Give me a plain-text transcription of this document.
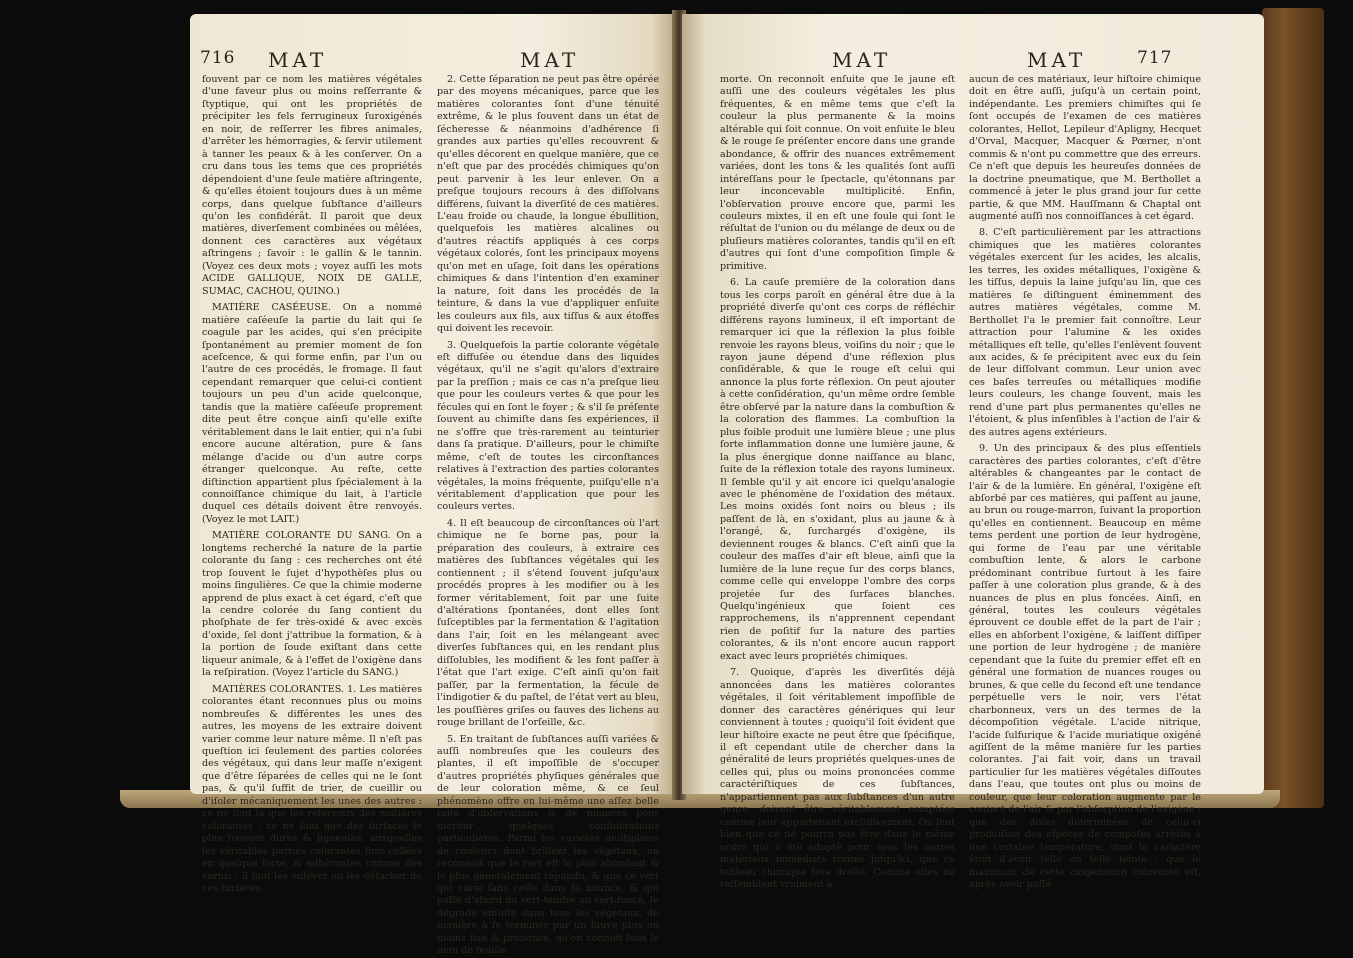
716 MAT	MAT

fouvent par ce nom les matières végétales d'une faveur plus ou moins reſſerrante & ſtyptique, qui ont les propriétés de précipiter les fels ferrugineux ſuroxigénés en noir, de reſſerrer les fibres animales, d'arrêter les hémorragies, & ſervir utilement à tanner les peaux & à les conſerver. On a cru dans tous les tems que ces propriétés dépendoient d'une ſeule matière aſtringente, & qu'elles étoient toujours dues à un même corps, dans quelque ſubſtance d'ailleurs qu'on les confidérât. Il paroit que deux matières, diverſement combinées ou mêlées, donnent ces caractères aux végétaux aſtringens ; ſavoir : le gallin & le tannin. (Voyez ces deux mots ; voyez auſſi les mots ACIDE GALLIQUE, NOIX DE GALLE, SUMAC, CACHOU, QUINO.)

MATIÈRE CASÉEUSE. On a nommé matière caſéeuſe la partie du lait qui ſe coagule par les acides, qui s'en précipite ſpontanément au premier moment de ſon aceſcence, & qui forme enfin, par l'un ou l'autre de ces procédés, le fromage. Il faut cependant remarquer que celui-ci contient toujours un peu d'un acide quelconque, tandis que la matière caſéeuſe proprement dite peut être conçue ainſi qu'elle exiſte véritablement dans le lait entier, qui n'a ſubi encore aucune altération, pure & ſans mélange d'acide ou d'un autre corps étranger quelconque. Au reſte, cette diſtinction appartient plus ſpécialement à la connoiſſance chimique du lait, à l'article duquel ces détails doivent être renvoyés. (Voyez le mot LAIT.)

MATIÈRE COLORANTE DU SANG. On a longtems recherché la nature de la partie colorante du ſang : ces recherches ont été trop ſouvent le ſujet d'hypothèſes plus ou moins ſingulières. Ce que la chimie moderne apprend de plus exact à cet égard, c'eſt que la cendre colorée du ſang contient du phoſphate de fer très-oxidé & avec excès d'oxide, ſel dont j'attribue la formation, & à la portion de ſoude exiſtant dans cette liqueur animale, & à l'effet de l'oxigène dans la reſpiration. (Voyez l'article du SANG.)

MATIÈRES COLORANTES. 1. Les matières colorantes étant reconnues plus ou moins nombreuſes & différentes les unes des autres, les moyens de les extraire doivent varier comme leur nature même. Il n'eſt pas queſtion ici ſeulement des parties colorées des végétaux, qui dans leur maſſe n'exigent que d'être ſéparées de celles qui ne le ſont pas, & qu'il ſuffit de trier, de cueillir ou d'iſoler mécaniquement les unes des autres : ce ne ſont là que les réſervoirs des matières colorantes ; ce ne ſont que des ſurfaces le plus ſouvent dures & ligneuſes, auxquelles les véritables parties colorantes ſont collées en quelque ſorte, & adhérentes comme des vernis : il faut les enlever ou les détacher de ces ſurfaces.

2. Cette ſéparation ne peut pas être opérée par des moyens mécaniques, parce que les matières colorantes ſont d'une ténuité extrême, & le plus ſouvent dans un état de ſécheresse & néanmoins d'adhérence ſi grandes aux parties qu'elles recouvrent & qu'elles décorent en quelque manière, que ce n'eſt que par des procédés chimiques qu'on peut parvenir à les leur enlever. On a preſque toujours recours à des diſſolvans différens, ſuivant la diverſité de ces matières. L'eau froide ou chaude, la longue ébullition, quelquefois les matières alcalines ou d'autres réactifs appliqués à ces corps végétaux colorés, ſont les principaux moyens qu'on met en uſage, ſoit dans les opérations chimiques & dans l'intention d'en examiner la nature, ſoit dans les procédés de la teinture, & dans la vue d'appliquer enſuite les couleurs aux fils, aux tiſſus & aux étoffes qui doivent les recevoir.

3. Quelquefois la partie colorante végétale eſt diffuſée ou étendue dans des liquides végétaux, qu'il ne s'agit qu'alors d'extraire par la preſſion ; mais ce cas n'a preſque lieu que pour les couleurs vertes & que pour les fécules qui en ſont le foyer ; & s'il ſe préſente ſouvent au chimiſte dans ſes expériences, il ne s'offre que très-rarement au teinturier dans ſa pratique. D'ailleurs, pour le chimiſte même, c'eſt de toutes les circonſtances relatives à l'extraction des parties colorantes végétales, la moins fréquente, puiſqu'elle n'a véritablement d'application que pour les couleurs vertes.

4. Il eſt beaucoup de circonſtances où l'art chimique ne ſe borne pas, pour la préparation des couleurs, à extraire ces matières des ſubſtances végétales qui les contiennent ; il s'étend ſouvent juſqu'aux procédés propres à les modifier ou à les former véritablement, ſoit par une ſuite d'altérations ſpontanées, dont elles ſont ſuſceptibles par la fermentation & l'agitation dans l'air, ſoit en les mélangeant avec diverſes ſubſtances qui, en les rendant plus diſſolubles, les modifient & les font paſſer à l'état que l'art exige. C'eſt ainſi qu'on fait paſſer, par la fermentation, la fécule de l'indigotier & du paſtel, de l'état vert au bleu, les pouſſières griſes ou fauves des lichens au rouge brillant de l'orſeille, &c.

5. En traitant de ſubſtances auſſi variées & auſſi nombreuſes que les couleurs des plantes, il eſt impoſſible de s'occuper d'autres propriétés phyſiques générales que de leur coloration même, & ce ſeul phénomène offre en lui-même une aſſez belle ſuite d'obſervations & de nuances pour mériter quelques conſidérations particulières. Parmi les variétés multipliées de couleurs dont brillent les végétaux, on reconnoît que le vert eſt le plus abondant & le plus généralement répandu, & que ce vert qui varie ſans ceſſe dans ſa nuance, & qui paſſe d'abord du vert-tendre au vert-foncé, ſe dégrade enſuite dans tous les végétaux, de manière à ſe terminer par un fauve plus ou moins fixe & prononcé, qu'on connoît ſous le nom de feuille

MAT	MAT	717

morte. On reconnoît enſuite que le jaune eſt auſſi une des couleurs végétales les plus fréquentes, & en même tems que c'eſt la couleur la plus permanente & la moins altérable qui ſoit connue. On voit enſuite le bleu & le rouge ſe préſenter encore dans une grande abondance, & offrir des nuances extrêmement variées, dont les tons & les qualités ſont auſſi intéreſſans pour le ſpectacle, qu'étonnans par leur inconcevable multiplicité. Enfin, l'obſervation prouve encore que, parmi les couleurs mixtes, il en eſt une foule qui ſont le réſultat de l'union ou du mélange de deux ou de pluſieurs matières colorantes, tandis qu'il en eſt d'autres qui ſont d'une compoſition ſimple & primitive.

6. La cauſe première de la coloration dans tous les corps paroît en général être due à la propriété diverſe qu'ont ces corps de réfléchir différens rayons lumineux, il eſt important de remarquer ici que la réflexion la plus foible renvoie les rayons bleus, voiſins du noir ; que le rayon jaune dépend d'une réflexion plus conſidérable, & que le rouge eſt celui qui annonce la plus forte réflexion. On peut ajouter à cette conſidération, qu'un même ordre ſemble être obſervé par la nature dans la combuſtion & la coloration des flammes. La combuſtion la plus foible produit une lumière bleue ; une plus forte inflammation donne une lumière jaune, & la plus énergique donne naiſſance au blanc, ſuite de la réflexion totale des rayons lumineux. Il ſemble qu'il y ait encore ici quelqu'analogie avec le phénomène de l'oxidation des métaux. Les moins oxidés ſont noirs ou bleus ; ils paſſent de là, en s'oxidant, plus au jaune & à l'orangé, &, ſurchargés d'oxigène, ils deviennent rouges & blancs. C'eſt ainſi que la couleur des maſſes d'air eſt bleue, ainſi que la lumière de la lune reçue ſur des corps blancs, comme celle qui enveloppe l'ombre des corps projetée ſur des ſurfaces blanches. Quelqu'ingénieux que ſoient ces rapprochemens, ils n'apprennent cependant rien de poſitif ſur la nature des parties colorantes, & ils n'ont encore aucun rapport exact avec leurs propriétés chimiques.

7. Quoique, d'après les diverſités déjà annoncées dans les matières colorantes végétales, il ſoit véritablement impoſſible de donner des caractères génériques qui leur conviennent à toutes ; quoiqu'il ſoit évident que leur hiſtoire exacte ne peut être que ſpécifique, il eſt cependant utile de chercher dans la généralité de leurs propriétés quelques-unes de celles qui, plus ou moins prononcées comme caractériſtiques de ces ſubſtances, n'appartiennent pas aux ſubſtances d'un autre genre, doivent être véritablement comptées comme leur appartenant excluſivement. On ſent bien que ce ne pourra pas être dans le même ordre qui a été adopté pour tous les autres matériaux immédiats traités juſqu'ici, que ce tableau chimique ſera dreſſé. Comme elles ne reſſemblent vraiment à

aucun de ces matériaux, leur hiſtoire chimique doit en être auſſi, juſqu'à un certain point, indépendante. Les premiers chimiſtes qui ſe ſont occupés de l'examen de ces matières colorantes, Hellot, Lepileur d'Apligny, Hecquet d'Orval, Macquer, Macquer & Pœrner, n'ont commis & n'ont pu commettre que des erreurs. Ce n'eſt que depuis les heureuſes données de la doctrine pneumatique, que M. Berthollet a commencé à jeter le plus grand jour ſur cette partie, & que MM. Hauſſmann & Chaptal ont augmenté auſſi nos connoiſſances à cet égard.

8. C'eſt particulièrement par les attractions chimiques que les matières colorantes végétales exercent ſur les acides, les alcalis, les terres, les oxides métalliques, l'oxigène & les tiſſus, depuis la laine juſqu'au lin, que ces matières ſe diſtinguent éminemment des autres matières végétales, comme M. Berthollet l'a le premier fait connoître. Leur attraction pour l'alumine & les oxides métalliques eſt telle, qu'elles l'enlèvent ſouvent aux acides, & ſe précipitent avec eux du ſein de leur diſſolvant commun. Leur union avec ces baſes terreuſes ou métalliques modifie leurs couleurs, les change ſouvent, mais les rend d'une part plus permanentes qu'elles ne l'étoient, & plus inſenſibles à l'action de l'air & des autres agens extérieurs.

9. Un des principaux & des plus eſſentiels caractères des parties colorantes, c'eſt d'être altérables & changeantes par le contact de l'air & de la lumière. En général, l'oxigène eſt abſorbé par ces matières, qui paſſent au jaune, au brun ou rouge-marron, ſuivant la proportion qu'elles en contiennent. Beaucoup en même tems perdent une portion de leur hydrogène, qui forme de l'eau par une véritable combuſtion lente, & alors le carbone prédominant contribue ſurtout à les faire paſſer à une coloration plus grande, & à des nuances de plus en plus foncées. Ainſi, en général, toutes les couleurs végétales éprouvent ce double effet de la part de l'air ; elles en abſorbent l'oxigène, & laiſſent diſſiper une portion de leur hydrogène ; de manière cependant que la ſuite du premier effet eſt en général une formation de nuances rouges ou brunes, & que celle du ſecond eſt une tendance perpétuelle vers le noir, vers l'état charbonneux, vers un des termes de la décompoſition végétale. L'acide nitrique, l'acide ſulfurique & l'acide muriatique oxigéné agiſſent de la même manière ſur les parties colorantes. J'ai fait voir, dans un travail particulier ſur les matières végétales diſſoutes dans l'eau, que toutes ont plus ou moins de couleur, que leur coloration augmente par le contact de l'air & par l'abſorption de l'oxigène ; que des doſes déterminées de celui-ci produiſent des eſpèces de compoſés arrêtés à une certaine température, dont le caractère étoit d'avoir telle ou telle teinte ; que le maximum de cette oxigénation colorante eſt, après avoir paſſé
